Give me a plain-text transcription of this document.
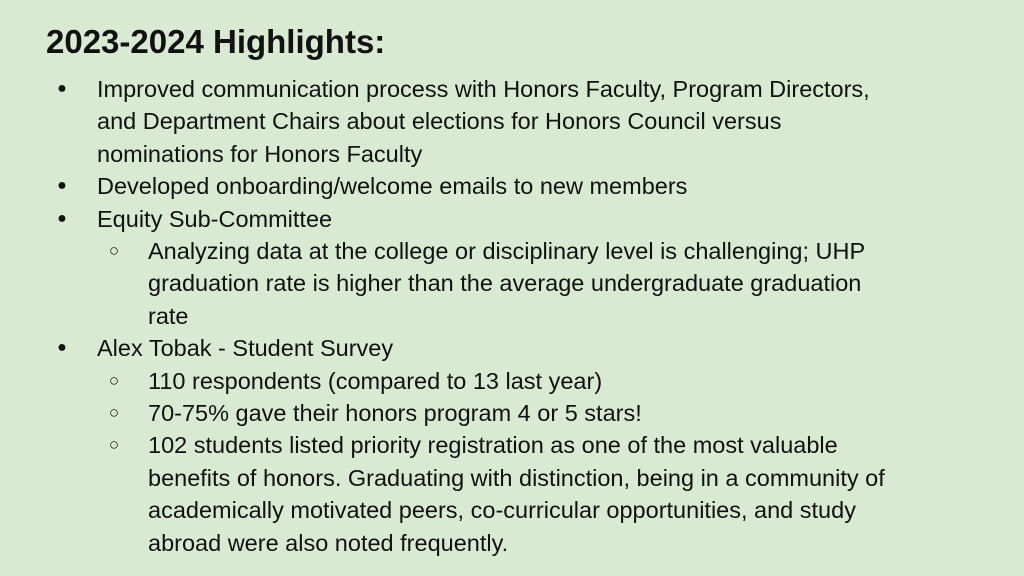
2023-2024 Highlights:
● Improved communication process with Honors Faculty, Program Directors,
and Department Chairs about elections for Honors Council versus
nominations for Honors Faculty
● Developed onboarding/welcome emails to new members
● Equity Sub-Committee
○ Analyzing data at the college or disciplinary level is challenging; UHP
graduation rate is higher than the average undergraduate graduation
rate
● Alex Tobak - Student Survey
○ 110 respondents (compared to 13 last year)
○ 70-75% gave their honors program 4 or 5 stars!
○ 102 students listed priority registration as one of the most valuable
benefits of honors. Graduating with distinction, being in a community of
academically motivated peers, co-curricular opportunities, and study
abroad were also noted frequently.
